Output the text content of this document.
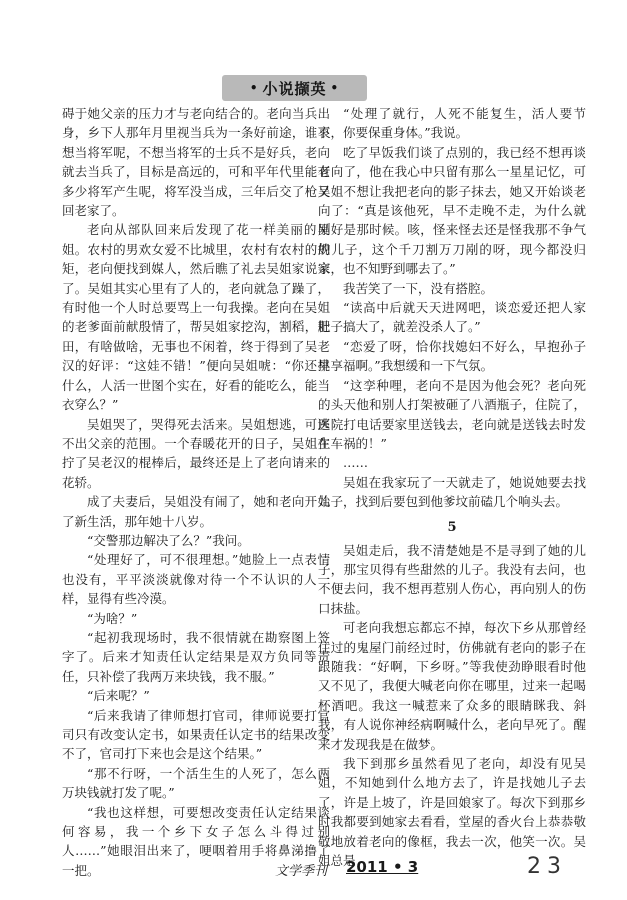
• 小说撷英 •

碍于她父亲的压力才与老向结合的。老向当兵出身，乡下人那年月里视当兵为一条好前途，谁不想当将军呢，不想当将军的士兵不是好兵，老向就去当兵了，目标是高远的，可和平年代里能有多少将军产生呢，将军没当成，三年后交了枪又回老家了。

老向从部队回来后发现了花一样美丽的吴姐。农村的男欢女爱不比城里，农村有农村的规矩，老向便找到媒人，然后瞧了礼去吴姐家说亲了。吴姐其实心里有了人的，老向就急了躁了，有时他一个人时总要骂上一句我操。老向在吴姐的老爹面前献殷情了，帮吴姐家挖沟，割稻，耙田，有啥做啥，无事也不闲着，终于得到了吴老汉的好评：“这娃不错！”便向吴姐唬：“你还挑什么，人活一世图个实在，好看的能吃么，能当衣穿么？”

吴姐哭了，哭得死去活来。吴姐想逃，可逃不出父亲的范围。一个春暖花开的日子，吴姐在拧了吴老汉的棍棒后，最终还是上了老向请来的花轿。

成了夫妻后，吴姐没有闹了，她和老向开始了新生活，那年她十八岁。

“交警那边解决了么？”我问。

“处理好了，可不很理想。”她脸上一点表情也没有，平平淡淡就像对待一个不认识的人一样，显得有些冷漠。

“为啥？”

“起初我现场时，我不很情就在勘察图上签字了。后来才知责任认定结果是双方负同等责任，只补偿了我两万来块钱，我不服。”

“后来呢？”

“后来我请了律师想打官司，律师说要打官司只有改变认定书，如果责任认定书的结果改变不了，官司打下来也会是这个结果。”

“那不行呀，一个活生生的人死了，怎么两万块钱就打发了呢。”

“我也这样想，可要想改变责任认定结果谈何容易，我一个乡下女子怎么斗得过别人……”她眼泪出来了，哽咽着用手将鼻涕撸了一把。

“处理了就行，人死不能复生，活人要节哀，你要保重身体。”我说。

吃了早饭我们谈了点别的，我已经不想再谈老向了，他在我心中只留有那么一星星记忆，可吴姐不想让我把老向的影子抹去，她又开始谈老向了：“真是该他死，早不走晚不走，为什么就刚好是那时候。咳，怪来怪去还是怪我那不争气的儿子，这个千刀割万刀剐的呀，现今都没归家，也不知野到哪去了。”

我苦笑了一下，没有搭腔。

“读高中后就天天进网吧，谈恋爱还把人家肚子搞大了，就差没杀人了。”

“恋爱了呀，恰你找媳妇不好么，早抱孙子早享福啊。”我想缓和一下气氛。

“这孪种哩，老向不是因为他会死？老向死的头天他和别人打架被砸了八酒瓶子，住院了，医院打电话要家里送钱去，老向就是送钱去时发生车祸的！”

……

吴姐在我家玩了一天就走了，她说她要去找儿子，找到后要包到他爹坟前磕几个响头去。

5

吴姐走后，我不清楚她是不是寻到了她的儿子，那宝贝得有些甜然的儿子。我没有去问，也不便去问，我不想再惹别人伤心，再向别人的伤口抹盐。

可老向我想忘都忘不掉，每次下乡从那曾经住过的鬼屋门前经过时，仿佛就有老向的影子在跟随我：“好啊，下乡呀。”等我使劲睁眼看时他又不见了，我便大喊老向你在哪里，过来一起喝杯酒吧。我这一喊惹来了众多的眼睛眯我、斜我，有人说你神经病啊喊什么，老向早死了。醒来才发现我是在做梦。

我下到那乡虽然看见了老向，却没有见吴姐，不知她到什么地方去了，许是找她儿子去了，许是上坡了，许是回娘家了。每次下到那乡时我都要到她家去看看，堂屋的香火台上恭恭敬敬地放着老向的像框，我去一次，他笑一次。吴姐总是

文学季刊 2011 • 3	23
